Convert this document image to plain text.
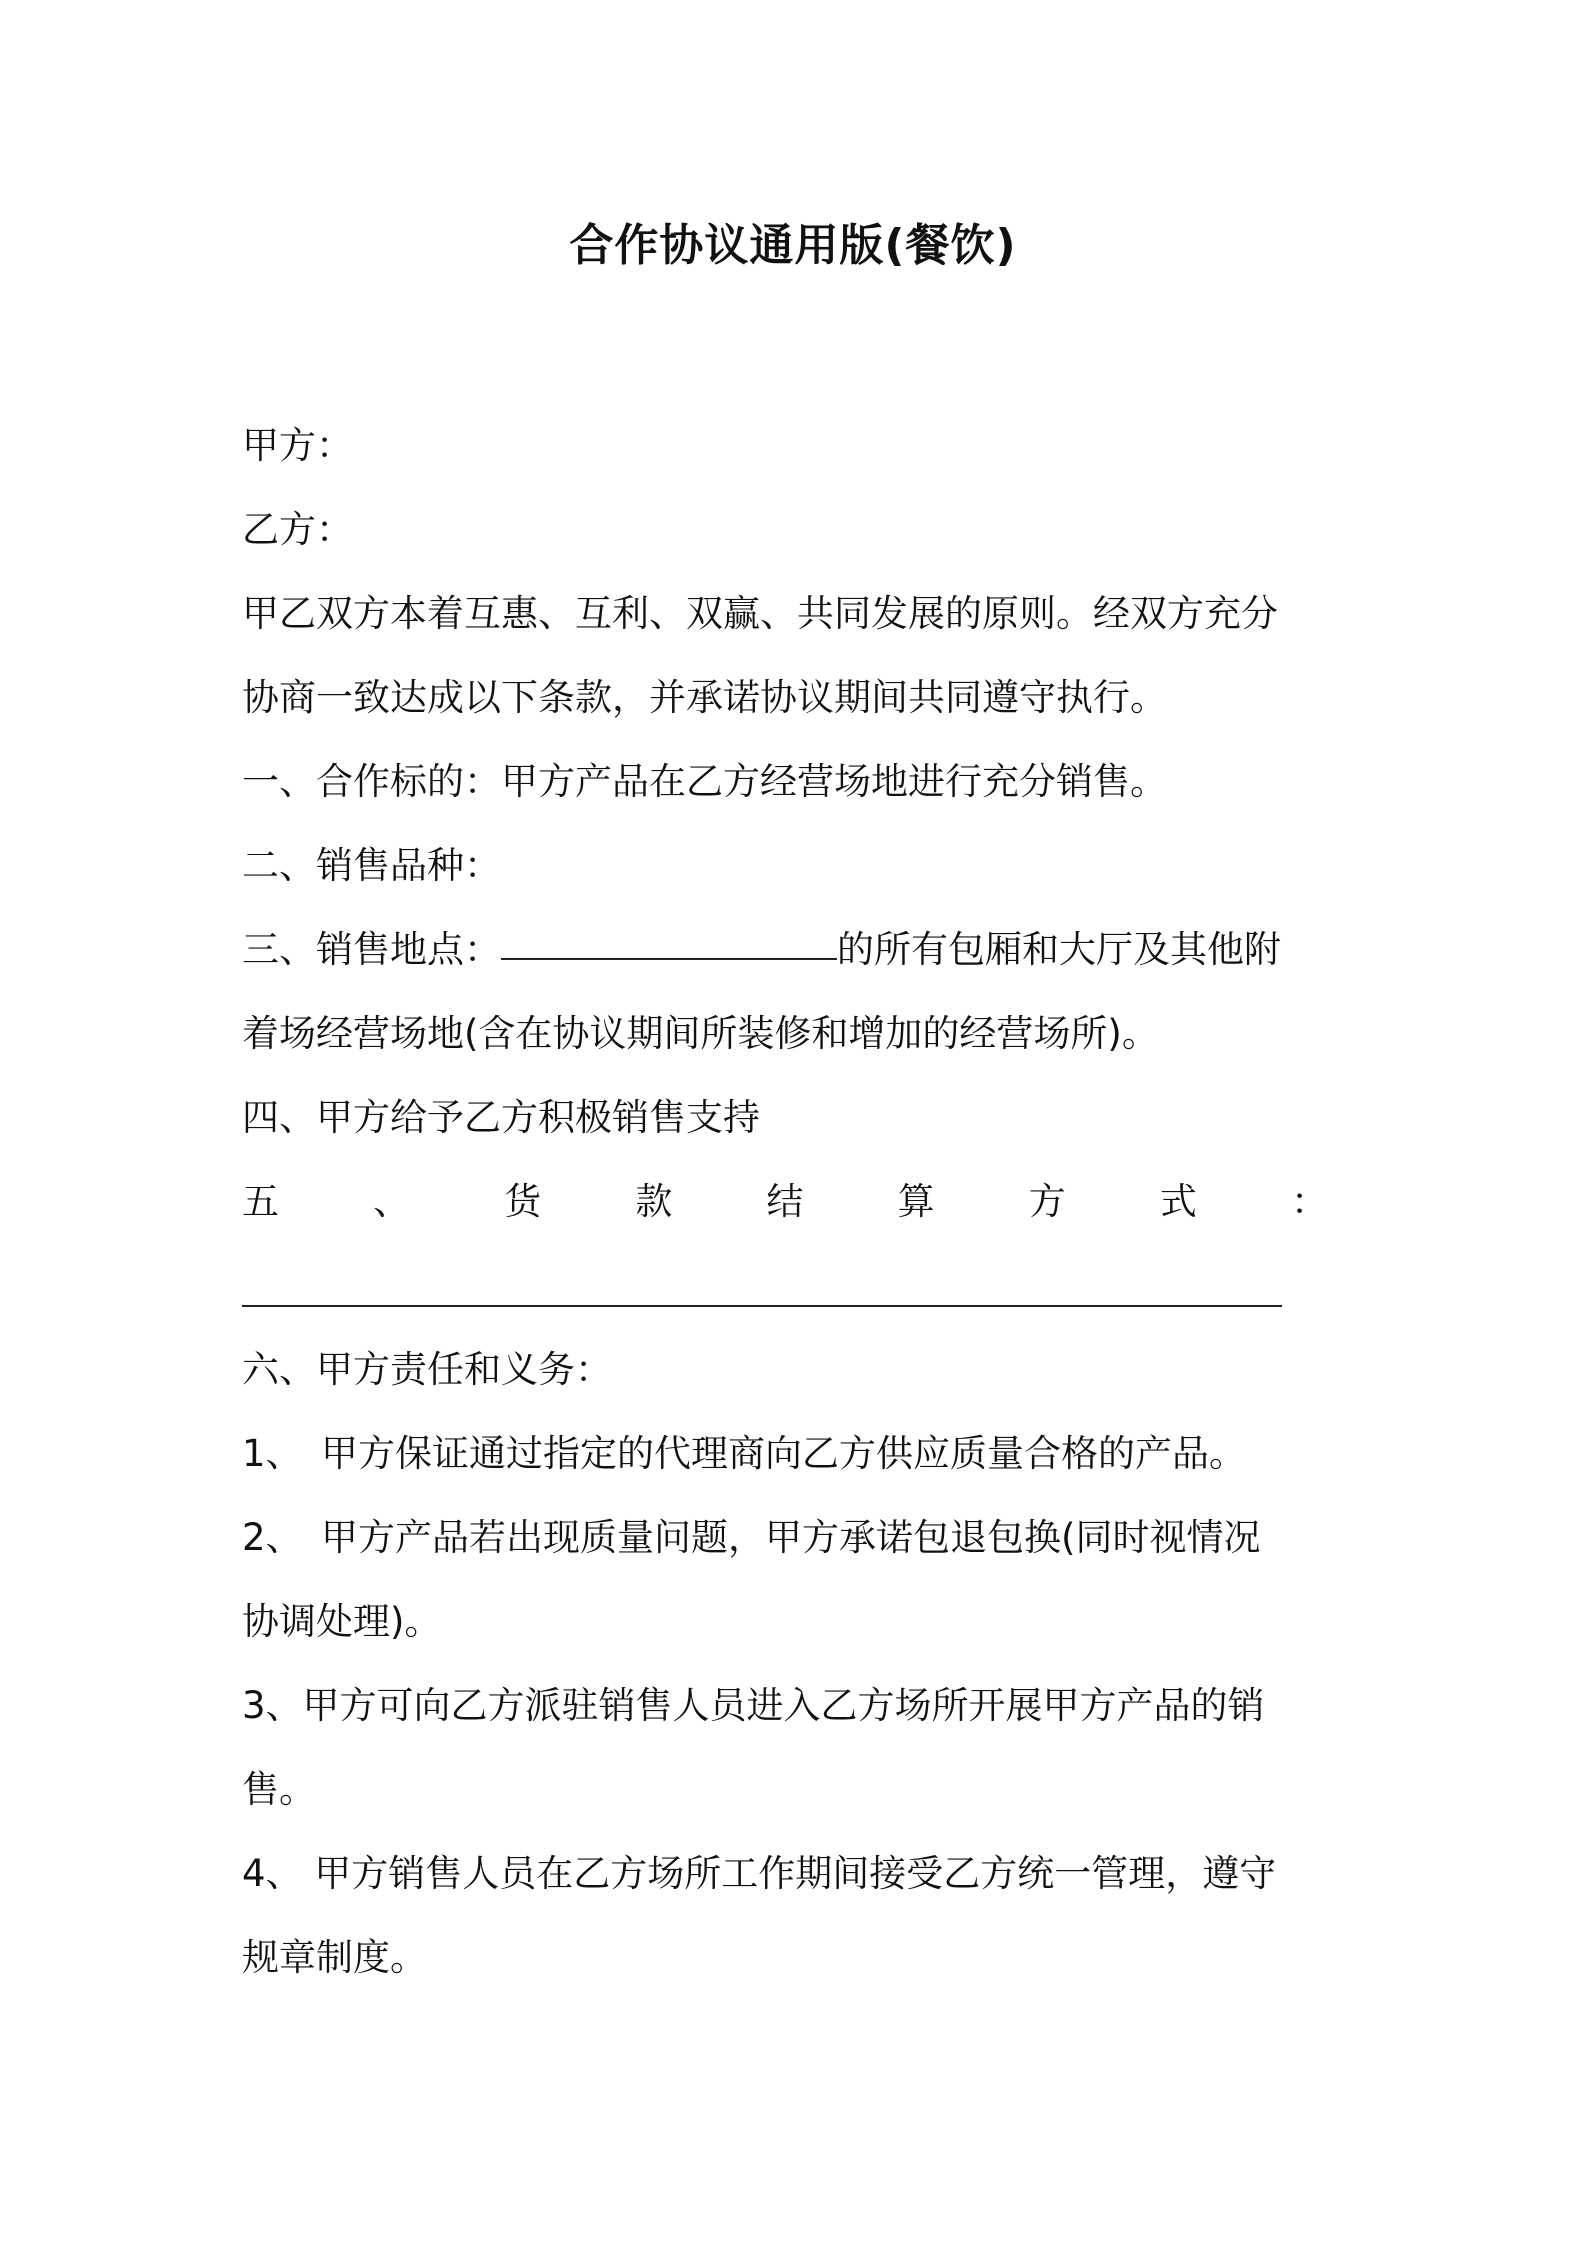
合作协议通用版(餐饮)
甲方：
乙方：
甲乙双方本着互惠、互利、双赢、共同发展的原则。经双方充分
协商一致达成以下条款，并承诺协议期间共同遵守执行。
一、合作标的：甲方产品在乙方经营场地进行充分销售。
二、销售品种：
三、销售地点：	的所有包厢和大厅及其他附
着场经营场地(含在协议期间所装修和增加的经营场所)。
四、甲方给予乙方积极销售支持
五	、	货	款	结	算	方	式	：
六、甲方责任和义务：
1、　甲方保证通过指定的代理商向乙方供应质量合格的产品。
2、　甲方产品若出现质量问题，甲方承诺包退包换(同时视情况
协调处理)。
3、甲方可向乙方派驻销售人员进入乙方场所开展甲方产品的销
售。
4、 甲方销售人员在乙方场所工作期间接受乙方统一管理，遵守
规章制度。
